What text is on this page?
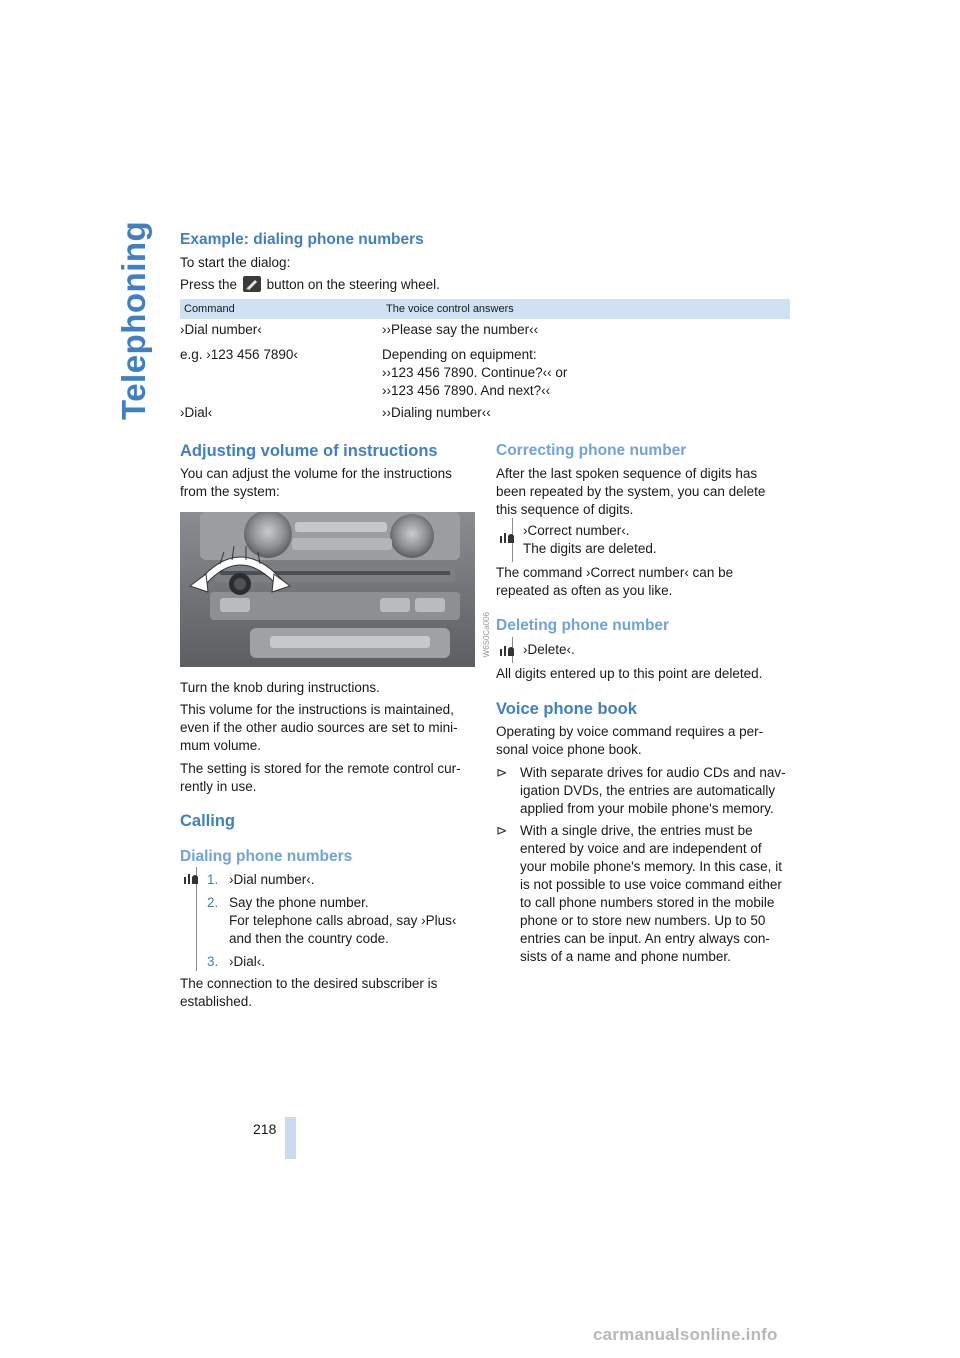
Telephoning Example: dialing phone numbers
To start the dialog:
Press the button on the steering wheel.
Command	The voice control answers
›Dial number‹	››Please say the number‹‹
e.g. ›123 456 7890‹	Depending on equipment:
››123 456 7890. Continue?‹‹ or
››123 456 7890. And next?‹‹
›Dial‹	››Dialing number‹‹
Adjusting volume of instructions
You can adjust the volume for the instructions
from the system:
W6S0Ca006
Turn the knob during instructions.
This volume for the instructions is maintained,
even if the other audio sources are set to mini-
mum volume.
The setting is stored for the remote control cur-
rently in use.
Calling
Dialing phone numbers
1. ›Dial number‹.
2. Say the phone number.
For telephone calls abroad, say ›Plus‹
and then the country code.
3. ›Dial‹.
The connection to the desired subscriber is
established.
Correcting phone number
After the last spoken sequence of digits has
been repeated by the system, you can delete
this sequence of digits.
›Correct number‹.
The digits are deleted.
The command ›Correct number‹ can be
repeated as often as you like.
Deleting phone number
›Delete‹.
All digits entered up to this point are deleted.
Voice phone book
Operating by voice command requires a per-
sonal voice phone book.
⊳ With separate drives for audio CDs and nav-
igation DVDs, the entries are automatically
applied from your mobile phone's memory.
⊳ With a single drive, the entries must be
entered by voice and are independent of
your mobile phone's memory. In this case, it
is not possible to use voice command either
to call phone numbers stored in the mobile
phone or to store new numbers. Up to 50
entries can be input. An entry always con-
sists of a name and phone number.
218
carmanualsonline.info
